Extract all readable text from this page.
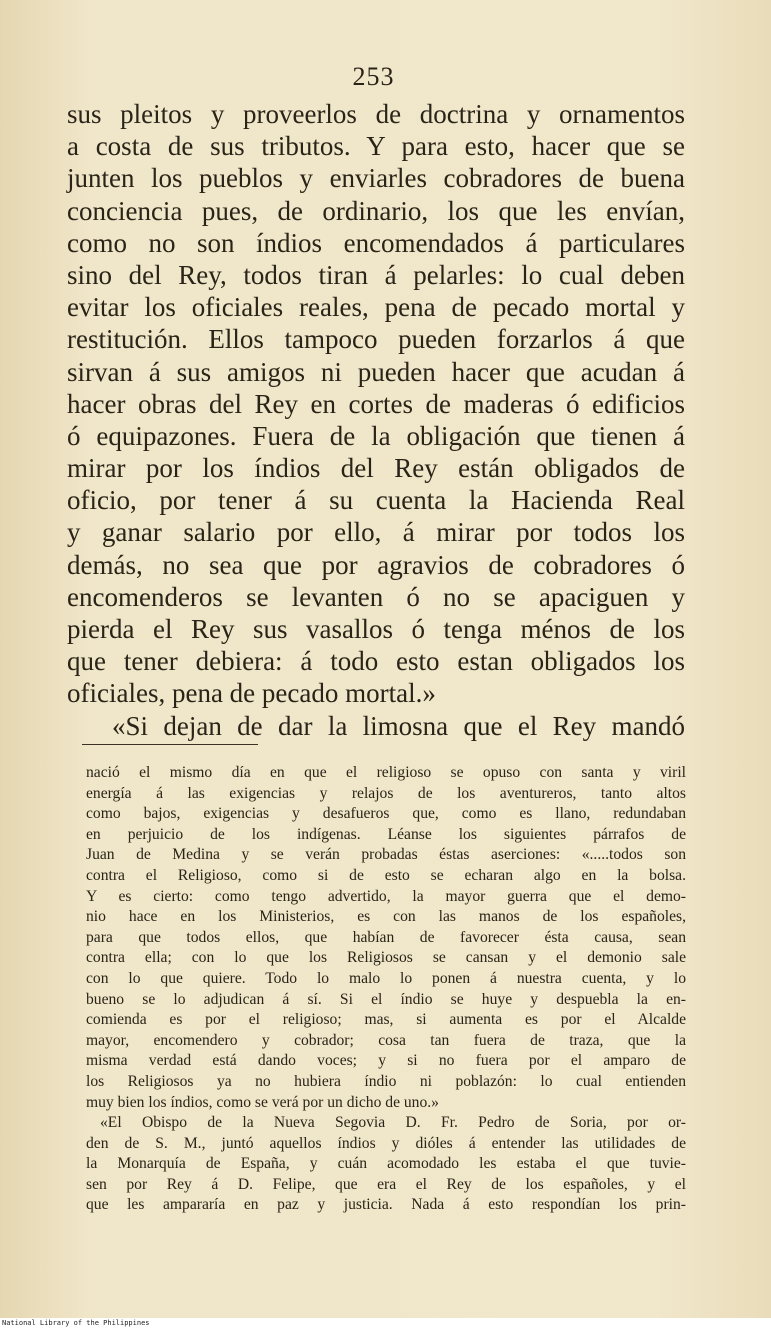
253
sus pleitos y proveerlos de doctrina y ornamentos
a costa de sus tributos. Y para esto, hacer que se
junten los pueblos y enviarles cobradores de buena
conciencia pues, de ordinario, los que les envían,
como no son índios encomendados á particulares
sino del Rey, todos tiran á pelarles: lo cual deben
evitar los oficiales reales, pena de pecado mortal y
restitución. Ellos tampoco pueden forzarlos á que
sirvan á sus amigos ni pueden hacer que acudan á
hacer obras del Rey en cortes de maderas ó edificios
ó equipazones. Fuera de la obligación que tienen á
mirar por los índios del Rey están obligados de
oficio, por tener á su cuenta la Hacienda Real
y ganar salario por ello, á mirar por todos los
demás, no sea que por agravios de cobradores ó
encomenderos se levanten ó no se apaciguen y
pierda el Rey sus vasallos ó tenga ménos de los
que tener debiera: á todo esto estan obligados los
oficiales, pena de pecado mortal.»
«Si dejan de dar la limosna que el Rey mandó
nació el mismo día en que el religioso se opuso con santa y viril
energía á las exigencias y relajos de los aventureros, tanto altos
como bajos, exigencias y desafueros que, como es llano, redundaban
en perjuicio de los indígenas. Léanse los siguientes párrafos de
Juan de Medina y se verán probadas éstas aserciones: «.....todos son
contra el Religioso, como si de esto se echaran algo en la bolsa.
Y es cierto: como tengo advertido, la mayor guerra que el demo-
nio hace en los Ministerios, es con las manos de los españoles,
para que todos ellos, que habían de favorecer ésta causa, sean
contra ella; con lo que los Religiosos se cansan y el demonio sale
con lo que quiere. Todo lo malo lo ponen á nuestra cuenta, y lo
bueno se lo adjudican á sí. Si el índio se huye y despuebla la en-
comienda es por el religioso; mas, si aumenta es por el Alcalde
mayor, encomendero y cobrador; cosa tan fuera de traza, que la
misma verdad está dando voces; y si no fuera por el amparo de
los Religiosos ya no hubiera índio ni poblazón: lo cual entienden
muy bien los índios, como se verá por un dicho de uno.»
«El Obispo de la Nueva Segovia D. Fr. Pedro de Soria, por or-
den de S. M., juntó aquellos índios y dióles á entender las utilidades de
la Monarquía de España, y cuán acomodado les estaba el que tuvie-
sen por Rey á D. Felipe, que era el Rey de los españoles, y el
que les ampararía en paz y justicia. Nada á esto respondían los prin-
National Library of the Philippines
